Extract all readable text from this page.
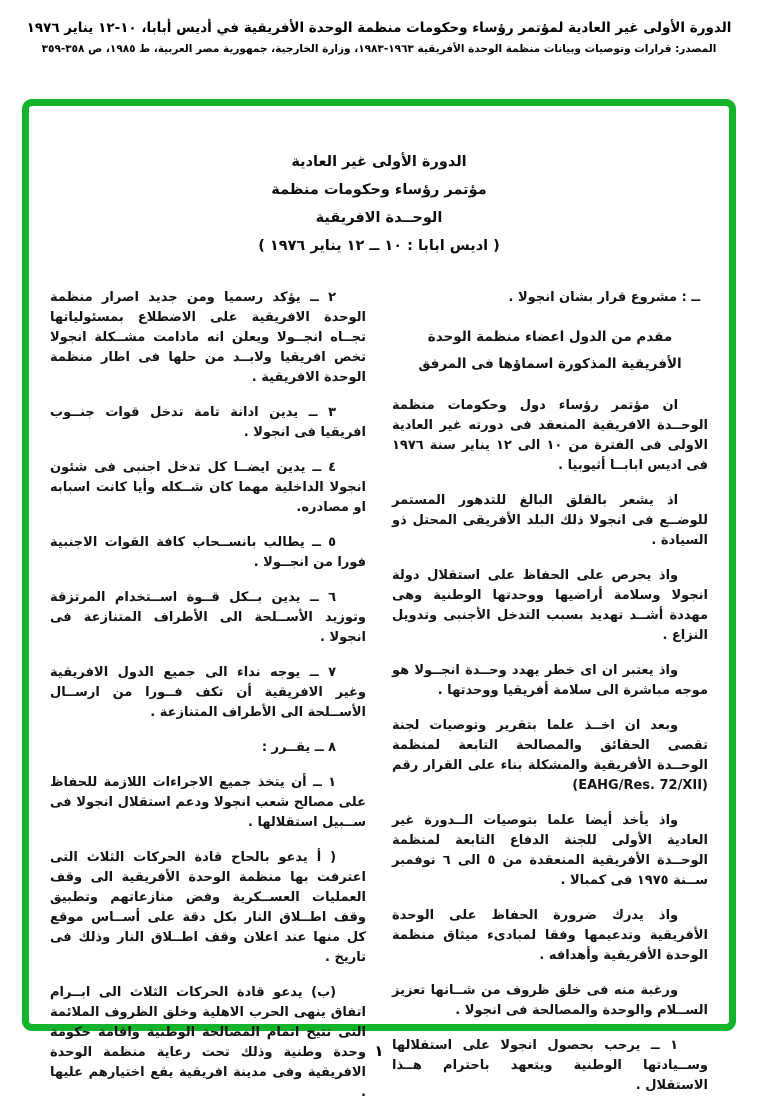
الدورة الأولى غير العادية لمؤتمر رؤساء وحكومات منظمة الوحدة الأفريقية في أديس أبابا، ١٠-١٢ يناير ١٩٧٦
المصدر: قرارات وتوصيات وبيانات منظمة الوحدة الأفريقية ١٩٦٣-١٩٨٣، وزارة الخارجية، جمهورية مصر العربية، ط ١٩٨٥، ص ٣٥٨-٣٥٩
الدورة الأولى غير العادية
مؤتمر رؤساء وحكومات منظمة
الوحــدة الافريقية
( اديس ابابا : ١٠ ــ ١٢ يناير ١٩٧٦ )

ــ : مشروع قرار بشان انجولا .

مقدم من الدول اعضاء منظمة الوحدة
الأفريقية المذكورة اسماؤها فى المرفق

ان مؤتمر رؤساء دول وحكومات منظمة الوحــدة الافريقية المنعقد فى دورته غير العادية الاولى فى الفترة من ١٠ الى ١٢ يناير سنة ١٩٧٦ فى اديس ابابــا أثيوبيا .

اذ يشعر بالقلق البالغ للتدهور المستمر للوضــع فى انجولا ذلك البلد الأفريقى المحتل ذو السيادة .

واذ يحرص على الحفاظ على استقلال دولة انجولا وسلامة أراضيها ووحدتها الوطنية وهى مهددة أشــد تهديد بسبب التدخل الأجنبى وتدويل النزاع .

واذ يعتبر ان اى خطر يهدد وحــدة انجــولا هو موجه مباشرة الى سلامة أفريقيا ووحدتها .

وبعد ان اخــذ علما بتقرير وتوصيات لجنة تقصى الحقائق والمصالحة التابعة لمنظمة الوحــدة الأفريقية والمشكلة بناء على القرار رقم (EAHG/Res. 72/XII)

واذ يأخذ أيضا علما بتوصيات الــدورة غير العادية الأولى للجنة الدفاع التابعة لمنظمة الوحــدة الأفريقية المنعقدة من ٥ الى ٦ نوفمبر ســنة ١٩٧٥ فى كمبالا .

واذ يدرك ضرورة الحفاظ على الوحدة الأفريقية وتدعيمها وفقا لمبادىء ميثاق منظمة الوحدة الأفريقية وأهدافه .

ورغبة منه فى خلق ظروف من شــانها تعزيز الســلام والوحدة والمصالحة فى انجولا .

١ ــ يرحب بحصول انجولا على استقلالها وســيادتها الوطنية ويتعهد باحترام هــذا الاستقلال .

٢ ــ يؤكد رسميا ومن جديد اصرار منظمة الوحدة الافريقية على الاضطلاع بمسئولياتها تجــاه انجــولا ويعلن انه مادامت مشــكلة انجولا تخص افريقيا ولابــد من حلها فى اطار منظمة الوحدة الافريقية .

٣ ــ يدين ادانة تامة تدخل قوات جنــوب افريقيا فى انجولا .

٤ ــ يدين ايضــا كل تدخل اجنبى فى شئون انجولا الداخلية مهما كان شــكله وأيا كانت اسبابه او مصادره.

٥ ــ يطالب بانســحاب كافة القوات الاجنبية فورا من انجــولا .

٦ ــ يدين بــكل قــوة اســتخدام المرتزقة وتوزيد الأســلحة الى الأطراف المتنازعة فى انجولا .

٧ ــ يوجه نداء الى جميع الدول الافريقية وغير الافريقية أن تكف فــورا من ارســال الأســلحة الى الأطراف المتنازعة .

٨ ــ يقــرر :

١ ــ أن يتخذ جميع الاجراءات اللازمة للحفاظ على مصالح شعب انجولا ودعم استقلال انجولا فى ســبيل استقلالها .

( أ يدعو بالحاح قادة الحركات الثلاث التى اعترفت بها منظمة الوحدة الأفريقية الى وقف العمليات العســكرية وفض منازعاتهم وتطبيق وقف اطــلاق النار بكل دقة على أســاس موقع كل منها عند اعلان وقف اطــلاق النار وذلك فى تاريخ .

(ب) يدعو قادة الحركات الثلاث الى ابــرام اتفاق ينهى الحرب الاهلية وخلق الظروف الملائمة التى تتيح اتمام المصالحة الوطنية واقامة حكومة وحدة وطنية وذلك تحت رعاية منظمة الوحدة الافريقية وفى مدينة افريقية يقع اختيارهم عليها .

١
